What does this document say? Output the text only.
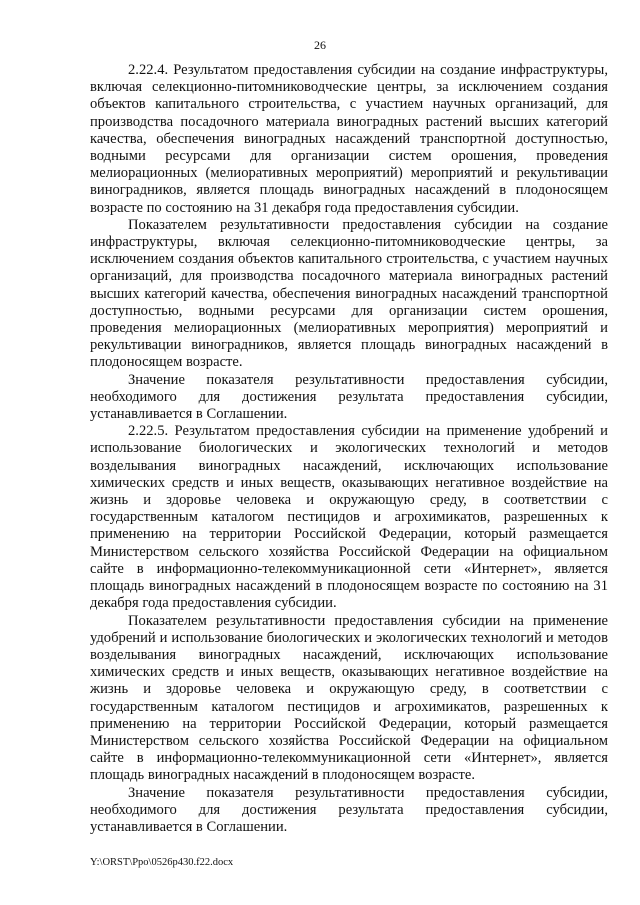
26

2.22.4. Результатом предоставления субсидии на создание инфраструктуры, включая селекционно-питомниководческие центры, за исключением создания объектов капитального строительства, с участием научных организаций, для производства посадочного материала виноградных растений высших категорий качества, обеспечения виноградных насаждений транспортной доступностью, водными ресурсами для организации систем орошения, проведения мелиорационных (мелиоративных мероприятий) мероприятий и рекультивации виноградников, является площадь виноградных насаждений в плодоносящем возрасте по состоянию на 31 декабря года предоставления субсидии.

Показателем результативности предоставления субсидии на создание инфраструктуры, включая селекционно-питомниководческие центры, за исключением создания объектов капитального строительства, с участием научных организаций, для производства посадочного материала виноградных растений высших категорий качества, обеспечения виноградных насаждений транспортной доступностью, водными ресурсами для организации систем орошения, проведения мелиорационных (мелиоративных мероприятия) мероприятий и рекультивации виноградников, является площадь виноградных насаждений в плодоносящем возрасте.

Значение показателя результативности предоставления субсидии, необходимого для достижения результата предоставления субсидии, устанавливается в Соглашении.

2.22.5. Результатом предоставления субсидии на применение удобрений и использование биологических и экологических технологий и методов возделывания виноградных насаждений, исключающих использование химических средств и иных веществ, оказывающих негативное воздействие на жизнь и здоровье человека и окружающую среду, в соответствии с государственным каталогом пестицидов и агрохимикатов, разрешенных к применению на территории Российской Федерации, который размещается Министерством сельского хозяйства Российской Федерации на официальном сайте в информационно-телекоммуникационной сети «Интернет», является площадь виноградных насаждений в плодоносящем возрасте по состоянию на 31 декабря года предоставления субсидии.

Показателем результативности предоставления субсидии на применение удобрений и использование биологических и экологических технологий и методов возделывания виноградных насаждений, исключающих использование химических средств и иных веществ, оказывающих негативное воздействие на жизнь и здоровье человека и окружающую среду, в соответствии с государственным каталогом пестицидов и агрохимикатов, разрешенных к применению на территории Российской Федерации, который размещается Министерством сельского хозяйства Российской Федерации на официальном сайте в информационно-телекоммуникационной сети «Интернет», является площадь виноградных насаждений в плодоносящем возрасте.

Значение показателя результативности предоставления субсидии, необходимого для достижения результата предоставления субсидии, устанавливается в Соглашении.

Y:\ORST\Ppo\0526p430.f22.docx
